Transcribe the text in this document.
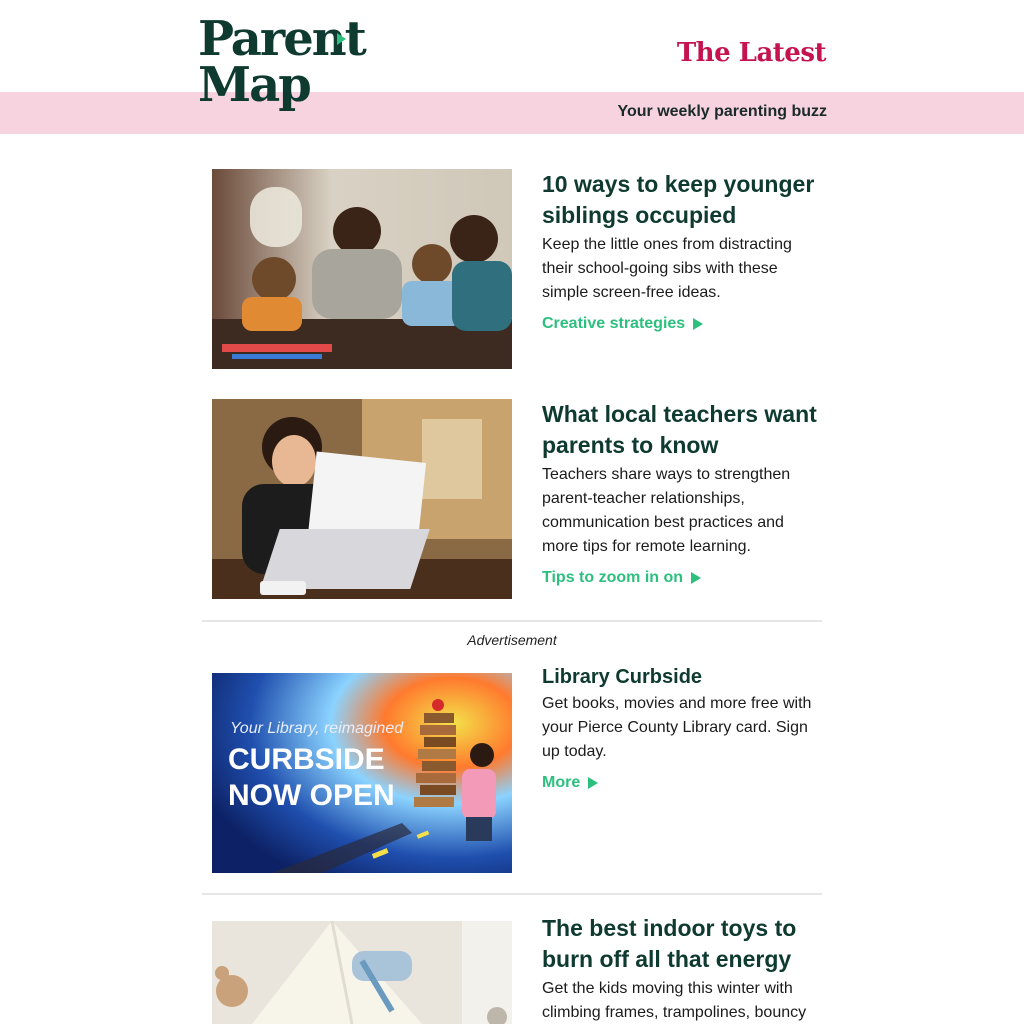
Parent
Map
The Latest
Your weekly parenting buzz
10 ways to keep younger siblings occupied
Keep the little ones from distracting their school-going sibs with these simple screen-free ideas.
Creative strategies
What local teachers want parents to know
Teachers share ways to strengthen parent-teacher relationships, communication best practices and more tips for remote learning.
Tips to zoom in on
Advertisement
Your Library, reimagined
CURBSIDE
NOW OPEN
Library Curbside
Get books, movies and more free with your Pierce County Library card. Sign up today.
More
The best indoor toys to burn off all that energy
Get the kids moving this winter with climbing frames, trampolines, bouncy
